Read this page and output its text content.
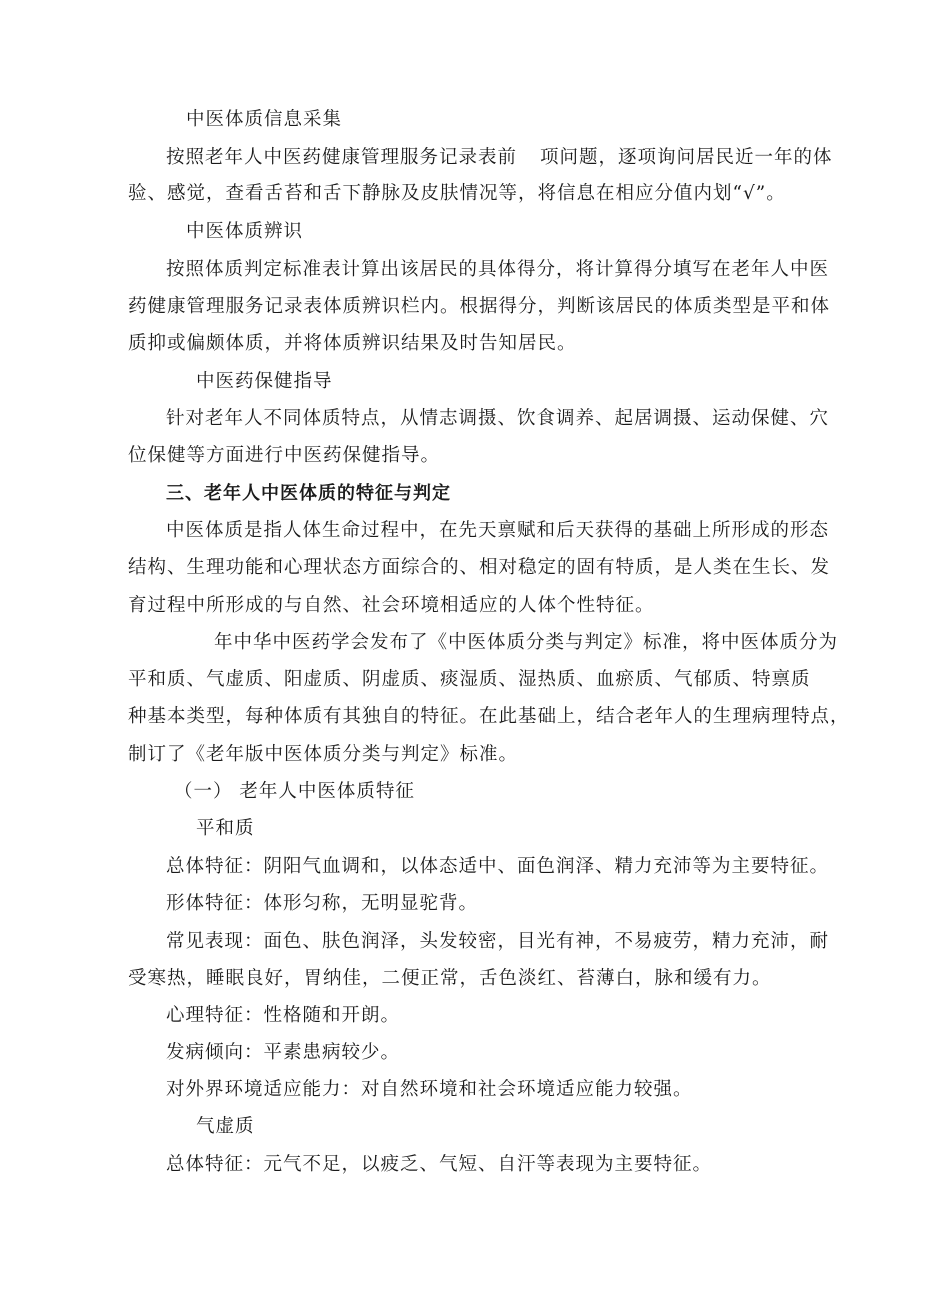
中医体质信息采集

按照老年人中医药健康管理服务记录表前 项问题，逐项询问居民近一年的体

验、感觉，查看舌苔和舌下静脉及皮肤情况等，将信息在相应分值内划“√”。

中医体质辨识

按照体质判定标准表计算出该居民的具体得分，将计算得分填写在老年人中医

药健康管理服务记录表体质辨识栏内。根据得分，判断该居民的体质类型是平和体

质抑或偏颇体质，并将体质辨识结果及时告知居民。

中医药保健指导

针对老年人不同体质特点，从情志调摄、饮食调养、起居调摄、运动保健、穴

位保健等方面进行中医药保健指导。

三、老年人中医体质的特征与判定

中医体质是指人体生命过程中，在先天禀赋和后天获得的基础上所形成的形态

结构、生理功能和心理状态方面综合的、相对稳定的固有特质，是人类在生长、发

育过程中所形成的与自然、社会环境相适应的人体个性特征。

年中华中医药学会发布了《中医体质分类与判定》标准，将中医体质分为

平和质、气虚质、阳虚质、阴虚质、痰湿质、湿热质、血瘀质、气郁质、特禀质

种基本类型，每种体质有其独自的特征。在此基础上，结合老年人的生理病理特点，

制订了《老年版中医体质分类与判定》标准。

（一） 老年人中医体质特征

平和质

总体特征：阴阳气血调和，以体态适中、面色润泽、精力充沛等为主要特征。

形体特征：体形匀称，无明显驼背。

常见表现：面色、肤色润泽，头发较密，目光有神，不易疲劳，精力充沛，耐

受寒热，睡眠良好，胃纳佳，二便正常，舌色淡红、苔薄白，脉和缓有力。

心理特征：性格随和开朗。

发病倾向：平素患病较少。

对外界环境适应能力：对自然环境和社会环境适应能力较强。

气虚质

总体特征：元气不足，以疲乏、气短、自汗等表现为主要特征。
